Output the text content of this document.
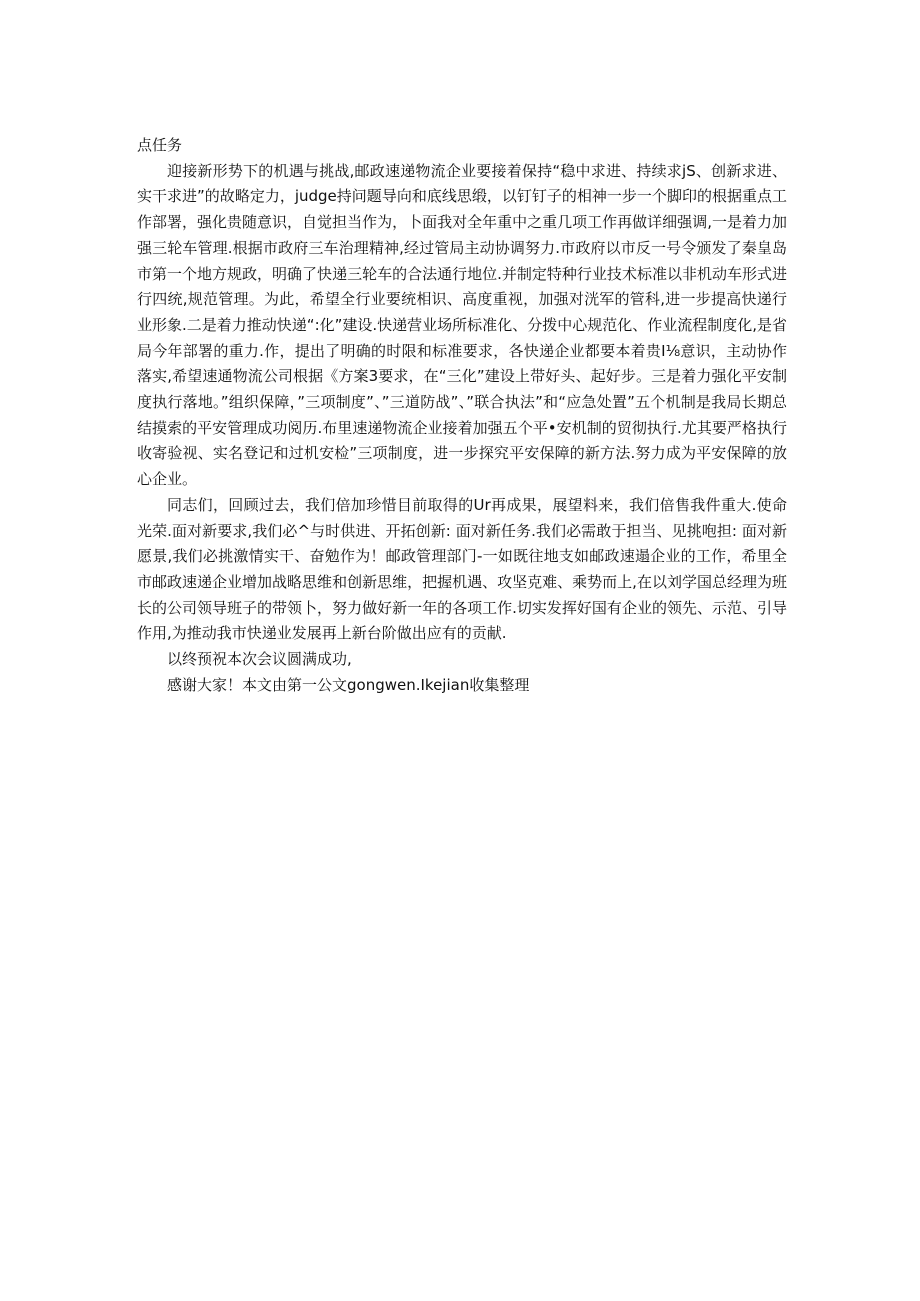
点任务

迎接新形势下的机遇与挑战,邮政速递物流企业要接着保持“稳中求进、持续求jS、创新求进、实干求进”的故略定力，judge持问题导向和底线思缎，以钉钉子的相神一步一个脚印的根据重点工作部署，强化贵随意识，自觉担当作为，卜面我对全年重中之重几项工作再做详细强调,一是着力加强三轮车管理.根据市政府三车治理精神,经过管局主动协调努力.市政府以市反一号令颁发了秦皇岛市第一个地方规政，明确了快递三轮车的合法通行地位.并制定特种行业技术标准以非机动车形式进行四统,规范管理。为此，希望全行业要统相识、高度重视，加强对洸军的管科,进一步提高快递行业形象.二是着力推动快递“:化”建设.快递营业场所标准化、分拨中心规范化、作业流程制度化,是省局今年部署的重力.作，提出了明确的时限和标准要求，各快递企业都要本着贵I⅛意识，主动协作落实,希望速通物流公司根据《方案3要求，在“三化”建设上带好头、起好步。三是着力强化平安制度执行落地。”组织保障，”三项制度”、”三道防战”、”联合执法”和“应急处置”五个机制是我局长期总结摸索的平安管理成功阅历.布里速递物流企业接着加强五个平•安机制的贸彻执行.尤其要严格执行收寄验视、实名登记和过机安检”三项制度，进一步探究平安保障的新方法.努力成为平安保障的放心企业。

同志们，回顾过去，我们倍加珍惜目前取得的Ur再成果，展望料来，我们倍售我件重大.使命光荣.面对新要求,我们必^与时供进、开拓创新: 面对新任务.我们必需敢于担当、见挑咆担: 面对新愿景,我们必挑激情实干、奋勉作为！邮政管理部门-一如既往地支如邮政速遢企业的工作，希里全市邮政速递企业增加战略思维和创新思维，把握机遇、攻坚克难、乘势而上,在以刘学国总经理为班长的公司领导班子的带领卜，努力做好新一年的各项工作.切实发挥好国有企业的领先、示范、引导作用,为推动我市快递业发展再上新台阶做出应有的贡献.

以终预祝本次会议圆满成功,

感谢大家！本文由第一公文gongwen.Ikejian收集整理
